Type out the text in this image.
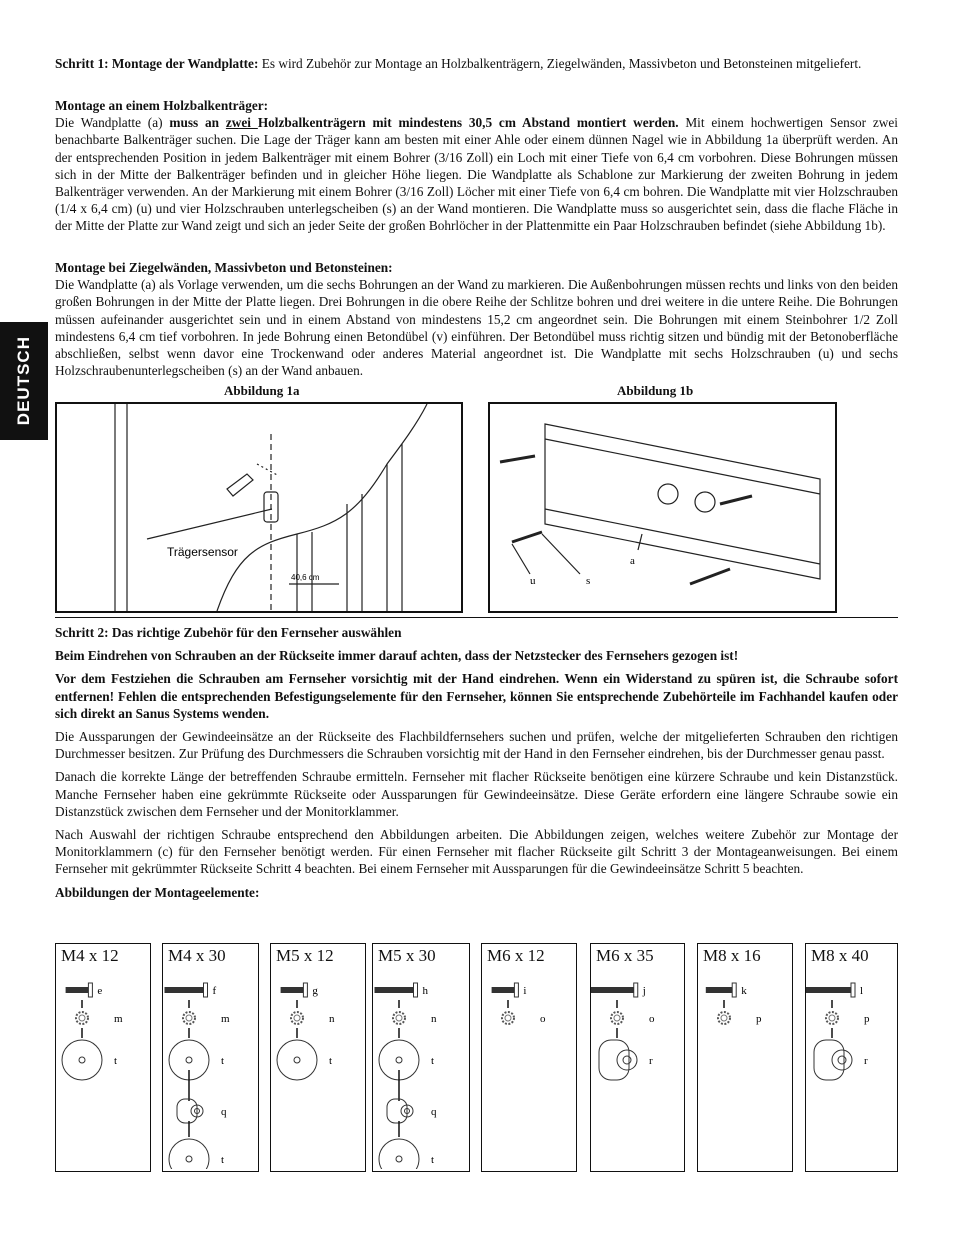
DEUTSCH

Schritt 1: Montage der Wandplatte: Es wird Zubehör zur Montage an Holzbalkenträgern, Ziegelwänden, Massivbeton und Betonsteinen mitgeliefert.

Montage an einem Holzbalkenträger:

Die Wandplatte (a) muss an zwei Holzbalkenträgern mit mindestens 30,5 cm Abstand montiert werden. Mit einem hochwertigen Sensor zwei benachbarte Balkenträger suchen. Die Lage der Träger kann am besten mit einer Ahle oder einem dünnen Nagel wie in Abbildung 1a überprüft werden. An der entsprechenden Position in jedem Balkenträger mit einem Bohrer (3/16 Zoll) ein Loch mit einer Tiefe von 6,4 cm vorbohren. Diese Bohrungen müssen sich in der Mitte der Balkenträger befinden und in gleicher Höhe liegen. Die Wandplatte als Schablone zur Markierung der zweiten Bohrung in jedem Balkenträger verwenden. An der Markierung mit einem Bohrer (3/16 Zoll) Löcher mit einer Tiefe von 6,4 cm bohren. Die Wandplatte mit vier Holzschrauben (1/4 x 6,4 cm) (u) und vier Holzschrauben unterlegscheiben (s) an der Wand montieren. Die Wandplatte muss so ausgerichtet sein, dass die flache Fläche in der Mitte der Platte zur Wand zeigt und sich an jeder Seite der großen Bohrlöcher in der Plattenmitte ein Paar Holzschrauben befindet (siehe Abbildung 1b).

Montage bei Ziegelwänden, Massivbeton und Betonsteinen:

Die Wandplatte (a) als Vorlage verwenden, um die sechs Bohrungen an der Wand zu markieren. Die Außenbohrungen müssen rechts und links von den beiden großen Bohrungen in der Mitte der Platte liegen. Drei Bohrungen in die obere Reihe der Schlitze bohren und drei weitere in die untere Reihe. Die Bohrungen müssen aufeinander ausgerichtet sein und in einem Abstand von mindestens 15,2 cm angeordnet sein. Die Bohrungen mit einem Steinbohrer 1/2 Zoll mindestens 6,4 cm tief vorbohren. In jede Bohrung einen Betondübel (v) einführen. Der Betondübel muss richtig sitzen und bündig mit der Betonoberfläche abschließen, selbst wenn davor eine Trockenwand oder anderes Material angeordnet ist. Die Wandplatte mit sechs Holzschrauben (u) und sechs Holzschraubenunterlegscheiben (s) an der Wand anbauen.

Abbildung 1a	Abbildung 1b
Trägersensor
40,6 cm
a
u	s

Schritt 2: Das richtige Zubehör für den Fernseher auswählen

Beim Eindrehen von Schrauben an der Rückseite immer darauf achten, dass der Netzstecker des Fernsehers gezogen ist!

Vor dem Festziehen die Schrauben am Fernseher vorsichtig mit der Hand eindrehen. Wenn ein Widerstand zu spüren ist, die Schraube sofort entfernen! Fehlen die entsprechenden Befestigungselemente für den Fernseher, können Sie entsprechende Zubehörteile im Fachhandel kaufen oder sich direkt an Sanus Systems wenden.

Die Aussparungen der Gewindeeinsätze an der Rückseite des Flachbildfernsehers suchen und prüfen, welche der mitgelieferten Schrauben den richtigen Durchmesser besitzen. Zur Prüfung des Durchmessers die Schrauben vorsichtig mit der Hand in den Fernseher eindrehen, bis der Durchmesser genau passt.

Danach die korrekte Länge der betreffenden Schraube ermitteln. Fernseher mit flacher Rückseite benötigen eine kürzere Schraube und kein Distanzstück. Manche Fernseher haben eine gekrümmte Rückseite oder Aussparungen für Gewindeeinsätze. Diese Geräte erfordern eine längere Schraube sowie ein Distanzstück zwischen dem Fernseher und der Monitorklammer.

Nach Auswahl der richtigen Schraube entsprechend den Abbildungen arbeiten. Die Abbildungen zeigen, welches weitere Zubehör zur Montage der Monitorklammern (c) für den Fernseher benötigt werden. Für einen Fernseher mit flacher Rückseite gilt Schritt 3 der Montageanweisungen. Bei einem Fernseher mit gekrümmter Rückseite Schritt 4 beachten. Bei einem Fernseher mit Aussparungen für die Gewindeeinsätze Schritt 5 beachten.

Abbildungen der Montageelemente:

M4 x 12
e
m
t
M4 x 30
f
m
t
q
t
M5 x 12
g
n
t
M5 x 30
h
n
t
q
t
M6 x 12
i
o
M6 x 35
j
o
r
M8 x 16
k
p
M8 x 40
l
p
r
